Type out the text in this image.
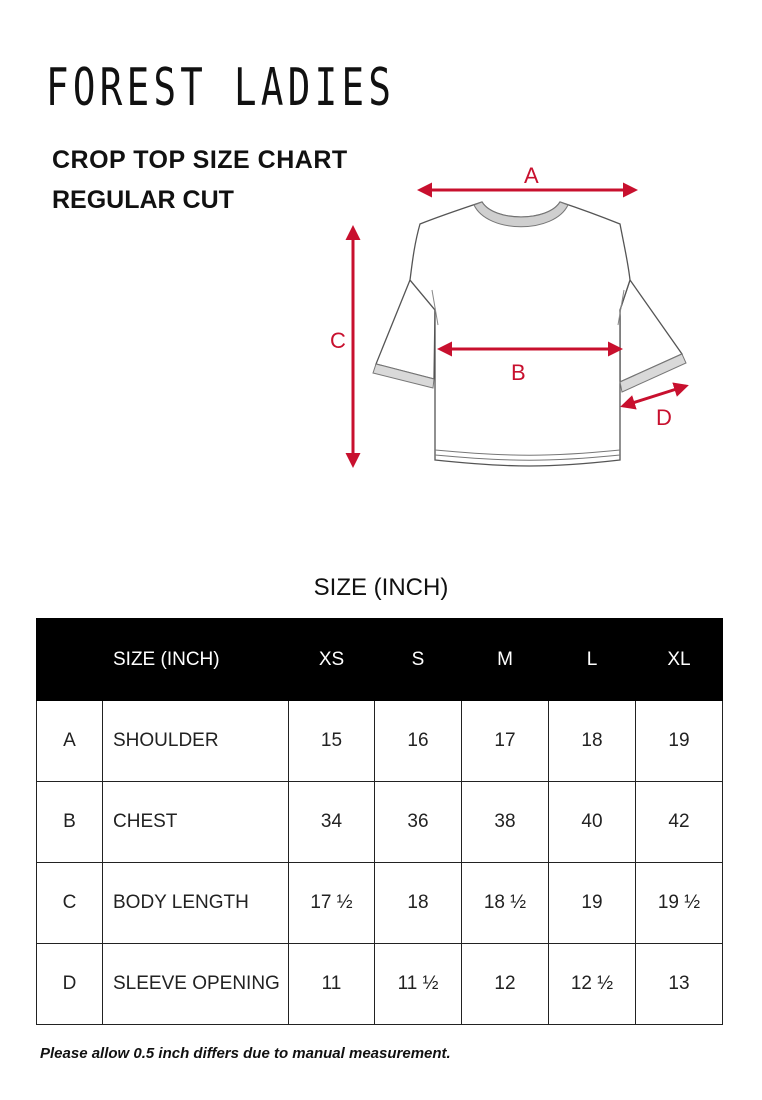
FOREST LADIES
CROP TOP SIZE CHART
REGULAR CUT
A
B
C
D
SIZE (INCH)
	SIZE (INCH)	XS	S	M	L	XL
A	SHOULDER	15	16	17	18	19
B	CHEST	34	36	38	40	42
C	BODY LENGTH	17 ½	18	18 ½	19	19 ½
D	SLEEVE OPENING	11	11 ½	12	12 ½	13

Please allow 0.5 inch differs due to manual measurement.
